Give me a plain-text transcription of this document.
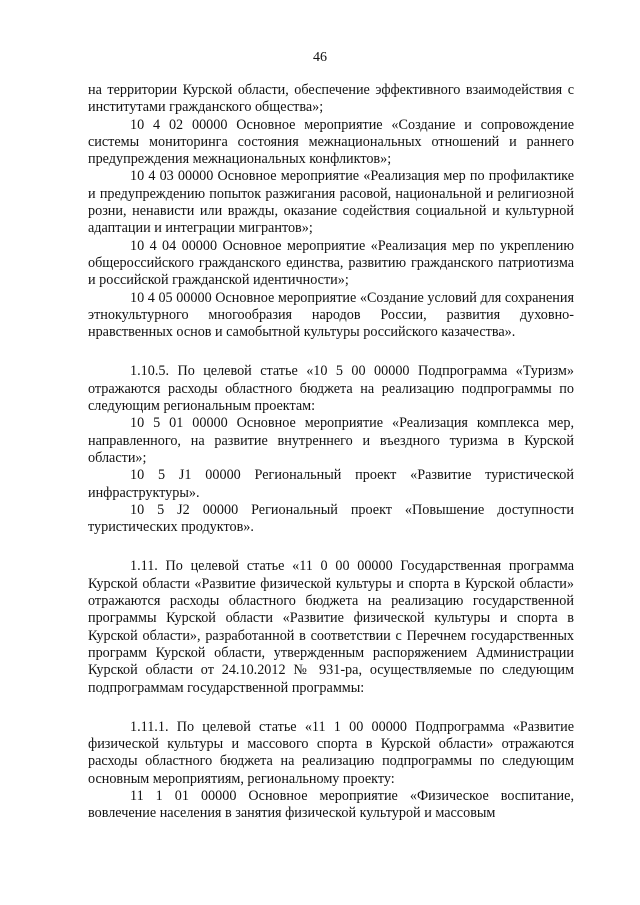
46

на территории Курской области, обеспечение эффективного взаимодействия с институтами гражданского общества»;

10 4 02 00000 Основное мероприятие «Создание и сопровождение системы мониторинга состояния межнациональных отношений и раннего предупреждения межнациональных конфликтов»;

10 4 03 00000 Основное мероприятие «Реализация мер по профилактике и предупреждению попыток разжигания расовой, национальной и религиозной розни, ненависти или вражды, оказание содействия социальной и культурной адаптации и интеграции мигрантов»;

10 4 04 00000 Основное мероприятие «Реализация мер по укреплению общероссийского гражданского единства, развитию гражданского патриотизма и российской гражданской идентичности»;

10 4 05 00000 Основное мероприятие «Создание условий для сохранения этнокультурного многообразия народов России, развития духовно-нравственных основ и самобытной культуры российского казачества».

1.10.5. По целевой статье «10 5 00 00000 Подпрограмма «Туризм» отражаются расходы областного бюджета на реализацию подпрограммы по следующим региональным проектам:

10 5 01 00000 Основное мероприятие «Реализация комплекса мер, направленного, на развитие внутреннего и въездного туризма в Курской области»;

10 5 J1 00000 Региональный проект «Развитие туристической инфраструктуры».

10 5 J2 00000 Региональный проект «Повышение доступности туристических продуктов».

1.11. По целевой статье «11 0 00 00000 Государственная программа Курской области «Развитие физической культуры и спорта в Курской области» отражаются расходы областного бюджета на реализацию государственной программы Курской области «Развитие физической культуры и спорта в Курской области», разработанной в соответствии с Перечнем государственных программ Курской области, утвержденным распоряжением Администрации Курской области от 24.10.2012 № 931-ра, осуществляемые по следующим подпрограммам государственной программы:

1.11.1. По целевой статье «11 1 00 00000 Подпрограмма «Развитие физической культуры и массового спорта в Курской области» отражаются расходы областного бюджета на реализацию подпрограммы по следующим основным мероприятиям, региональному проекту:

11 1 01 00000 Основное мероприятие «Физическое воспитание, вовлечение населения в занятия физической культурой и массовым
